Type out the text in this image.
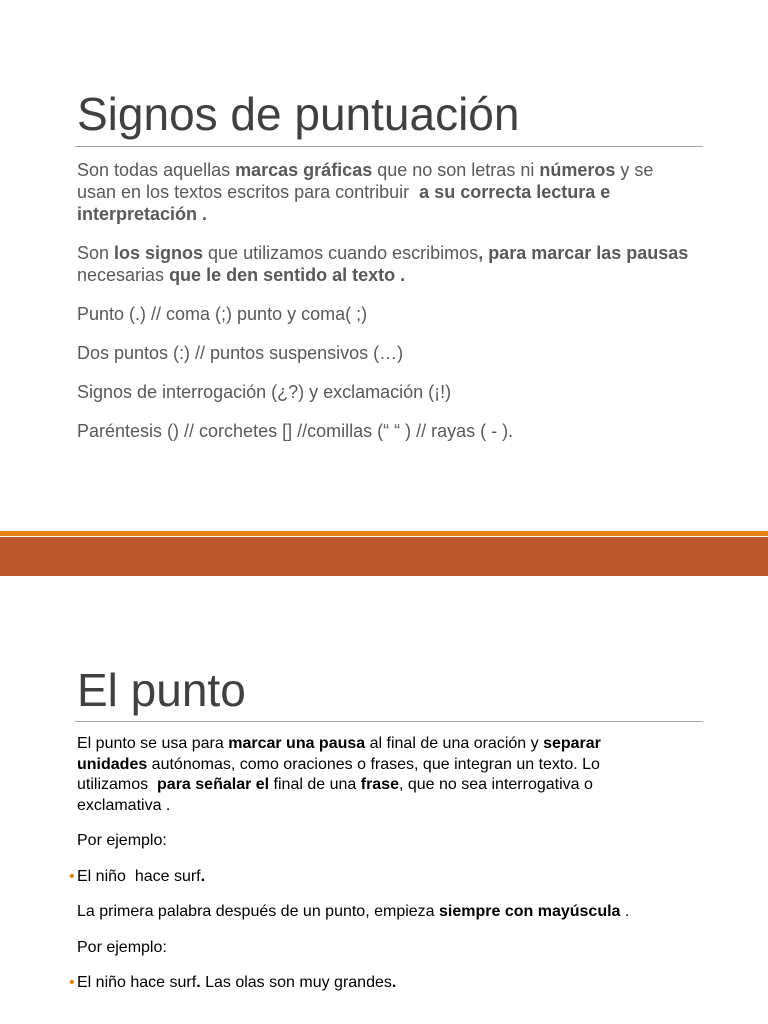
Signos de puntuación
Son todas aquellas marcas gráficas que no son letras ni números y se
usan en los textos escritos para contribuir  a su correcta lectura e
interpretación .
Son los signos que utilizamos cuando escribimos, para marcar las pausas
necesarias que le den sentido al texto .
Punto (.) // coma (;) punto y coma( ;)
Dos puntos (:) // puntos suspensivos (…)
Signos de interrogación (¿?) y exclamación (¡!)
Paréntesis () // corchetes [] //comillas (“ “ ) // rayas ( - ).
El punto
El punto se usa para marcar una pausa al final de una oración y separar
unidades autónomas, como oraciones o frases, que integran un texto. Lo
utilizamos  para señalar el final de una frase, que no sea interrogativa o
exclamativa .
Por ejemplo:
• El niño  hace surf.
La primera palabra después de un punto, empieza siempre con mayúscula .
Por ejemplo:
• El niño hace surf. Las olas son muy grandes.
